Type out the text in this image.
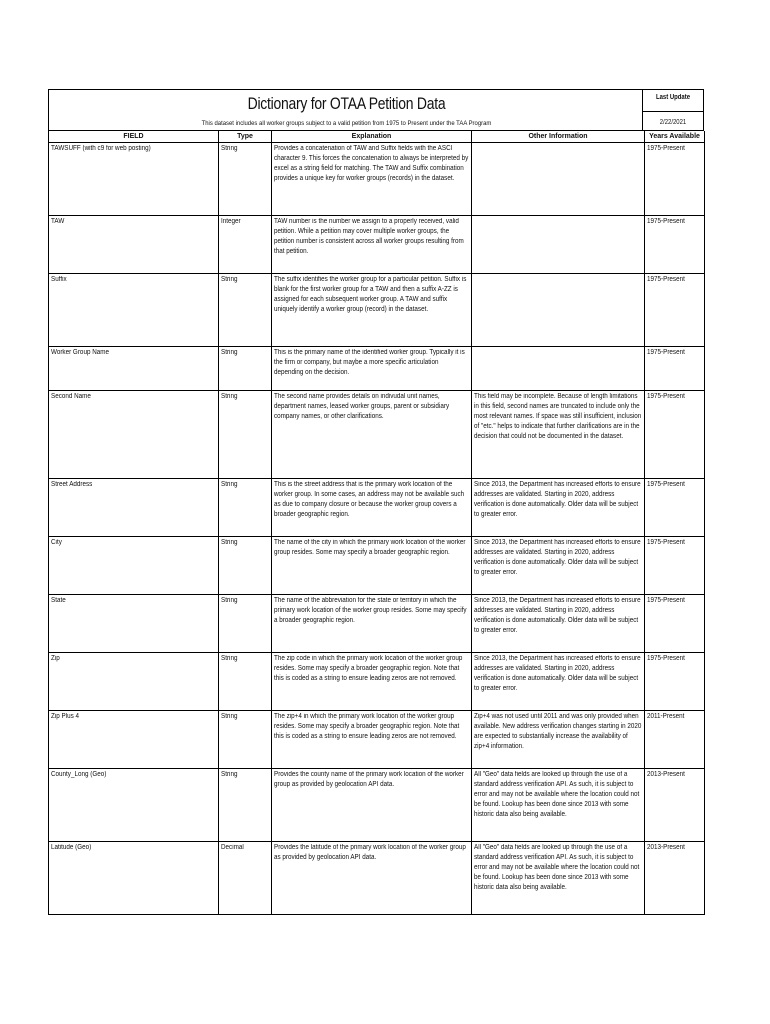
Dictionary for OTAA Petition Data
This dataset includes all worker groups subject to a valid petition from 1975 to Present under the TAA Program
Last Update
2/22/2021
FIELD	Type	Explanation	Other Information	Years Available

TAWSUFF (with c9 for web posting)	String	Provides a concatenation of TAW and Suffix fields with the ASCI character 9. This forces the concatenation to always be interpreted by excel as a string field for matching. The TAW and Suffix combination provides a unique key for worker groups (records) in the dataset.		1975-Present

TAW	Integer	TAW number is the number we assign to a properly received, valid petition. While a petition may cover multiple worker groups, the petition number is consistent across all worker groups resulting from that petition.		1975-Present

Suffix	String	The suffix identifies the worker group for a particular petition. Suffix is blank for the first worker group for a TAW and then a suffix A-ZZ is assigned for each subsequent worker group. A TAW and suffix uniquely identify a worker group (record) in the dataset.		1975-Present

Worker Group Name	String	This is the primary name of the identified worker group. Typically it is the firm or company, but maybe a more specific articulation depending on the decision.		1975-Present

Second Name	String	The second name provides details on indivudal unit names, department names, leased worker groups, parent or subsidiary company names, or other clarifications.	This field may be incomplete. Because of length limitations in this field, second names are truncated to include only the most relevant names. If space was still insufficient, inclusion of "etc." helps to indicate that further clarifications are in the decision that could not be documented in the dataset.	1975-Present

Street Address	String	This is the street address that is the primary work location of the worker group. In some cases, an address may not be available such as due to company closure or because the worker group covers a broader geographic region.	Since 2013, the Department has increased efforts to ensure addresses are validated. Starting in 2020, address verification is done automatically. Older data will be subject to greater error.	1975-Present

City	String	The name of the city in which the primary work location of the worker group resides. Some may specify a broader geographic region.	Since 2013, the Department has increased efforts to ensure addresses are validated. Starting in 2020, address verification is done automatically. Older data will be subject to greater error.	1975-Present

State	String	The name of the abbreviation for the state or territory in which the primary work location of the worker group resides. Some may specify a broader geographic region.	Since 2013, the Department has increased efforts to ensure addresses are validated. Starting in 2020, address verification is done automatically. Older data will be subject to greater error.	1975-Present

Zip	String	The zip code in which the primary work location of the worker group resides. Some may specify a broader geographic region. Note that this is coded as a string to ensure leading zeros are not removed.	Since 2013, the Department has increased efforts to ensure addresses are validated. Starting in 2020, address verification is done automatically. Older data will be subject to greater error.	1975-Present

Zip Plus 4	String	The zip+4 in which the primary work location of the worker group resides. Some may specify a broader geographic region. Note that this is coded as a string to ensure leading zeros are not removed.	Zip+4 was not used until 2011 and was only provided when available. New address verification changes starting in 2020 are expected to substantially increase the availability of zip+4 information.	2011-Present

County_Long (Geo)	String	Provides the county name of the primary work location of the worker group as provided by geolocation API data.	All "Geo" data fields are looked up through the use of a standard address verification API. As such, it is subject to error and may not be available where the location could not be found. Lookup has been done since 2013 with some historic data also being available.	2013-Present

Latitude (Geo)	Decimal	Provides the latitude of the primary work location of the worker group as provided by geolocation API data.	All "Geo" data fields are looked up through the use of a standard address verification API. As such, it is subject to error and may not be available where the location could not be found. Lookup has been done since 2013 with some historic data also being available.	2013-Present
